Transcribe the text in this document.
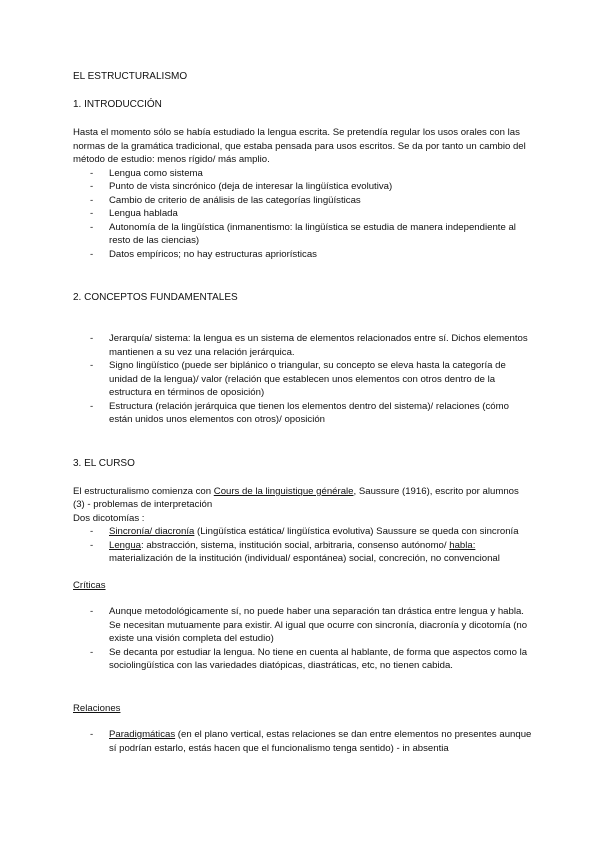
EL ESTRUCTURALISMO
1. INTRODUCCIÓN

Hasta el momento sólo se había estudiado la lengua escrita. Se pretendía regular los usos orales con las normas de la gramática tradicional, que estaba pensada para usos escritos. Se da por tanto un cambio del método de estudio: menos rígido/ más amplio.

- Lengua como sistema
- Punto de vista sincrónico (deja de interesar la lingüística evolutiva)
- Cambio de criterio de análisis de las categorías lingüísticas
- Lengua hablada
- Autonomía de la lingüística (inmanentismo: la lingüística se estudia de manera independiente al resto de las ciencias)
- Datos empíricos; no hay estructuras apriorísticas
2. CONCEPTOS FUNDAMENTALES
- Jerarquía/ sistema: la lengua es un sistema de elementos relacionados entre sí. Dichos elementos mantienen a su vez una relación jerárquica.
- Signo lingüístico (puede ser biplánico o triangular, su concepto se eleva hasta la categoría de unidad de la lengua)/ valor (relación que establecen unos elementos con otros dentro de la estructura en términos de oposición)
- Estructura (relación jerárquica que tienen los elementos dentro del sistema)/ relaciones (cómo están unidos unos elementos con otros)/ oposición
3. EL CURSO

El estructuralismo comienza con Cours de la linguistique générale, Saussure (1916), escrito por alumnos (3) - problemas de interpretación

Dos dicotomías :

- Sincronía/ diacronía (Lingüística estática/ lingüística evolutiva) Saussure se queda con sincronía
- Lengua: abstracción, sistema, institución social, arbitraria, consenso autónomo/ habla: materialización de la institución (individual/ espontánea) social, concreción, no convencional

Críticas

- Aunque metodológicamente sí, no puede haber una separación tan drástica entre lengua y habla. Se necesitan mutuamente para existir. Al igual que ocurre con sincronía, diacronía y dicotomía (no existe una visión completa del estudio)
- Se decanta por estudiar la lengua. No tiene en cuenta al hablante, de forma que aspectos como la sociolingüística con las variedades diatópicas, diastráticas, etc, no tienen cabida.

Relaciones

- Paradigmáticas (en el plano vertical, estas relaciones se dan entre elementos no presentes aunque sí podrían estarlo, estás hacen que el funcionalismo tenga sentido) - in absentia
